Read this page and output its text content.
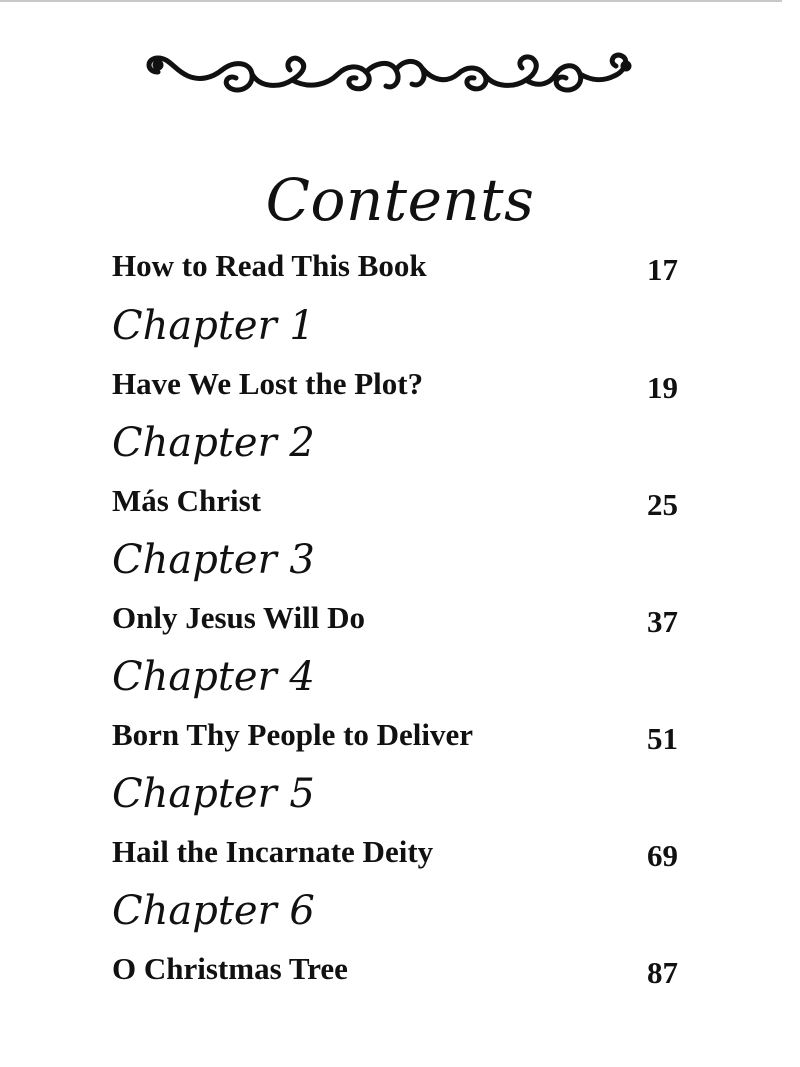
Contents
How to Read This Book	17
Chapter 1
Have We Lost the Plot?	19
Chapter 2
Más Christ	25
Chapter 3
Only Jesus Will Do	37
Chapter 4
Born Thy People to Deliver	51
Chapter 5
Hail the Incarnate Deity	69
Chapter 6
O Christmas Tree	87
